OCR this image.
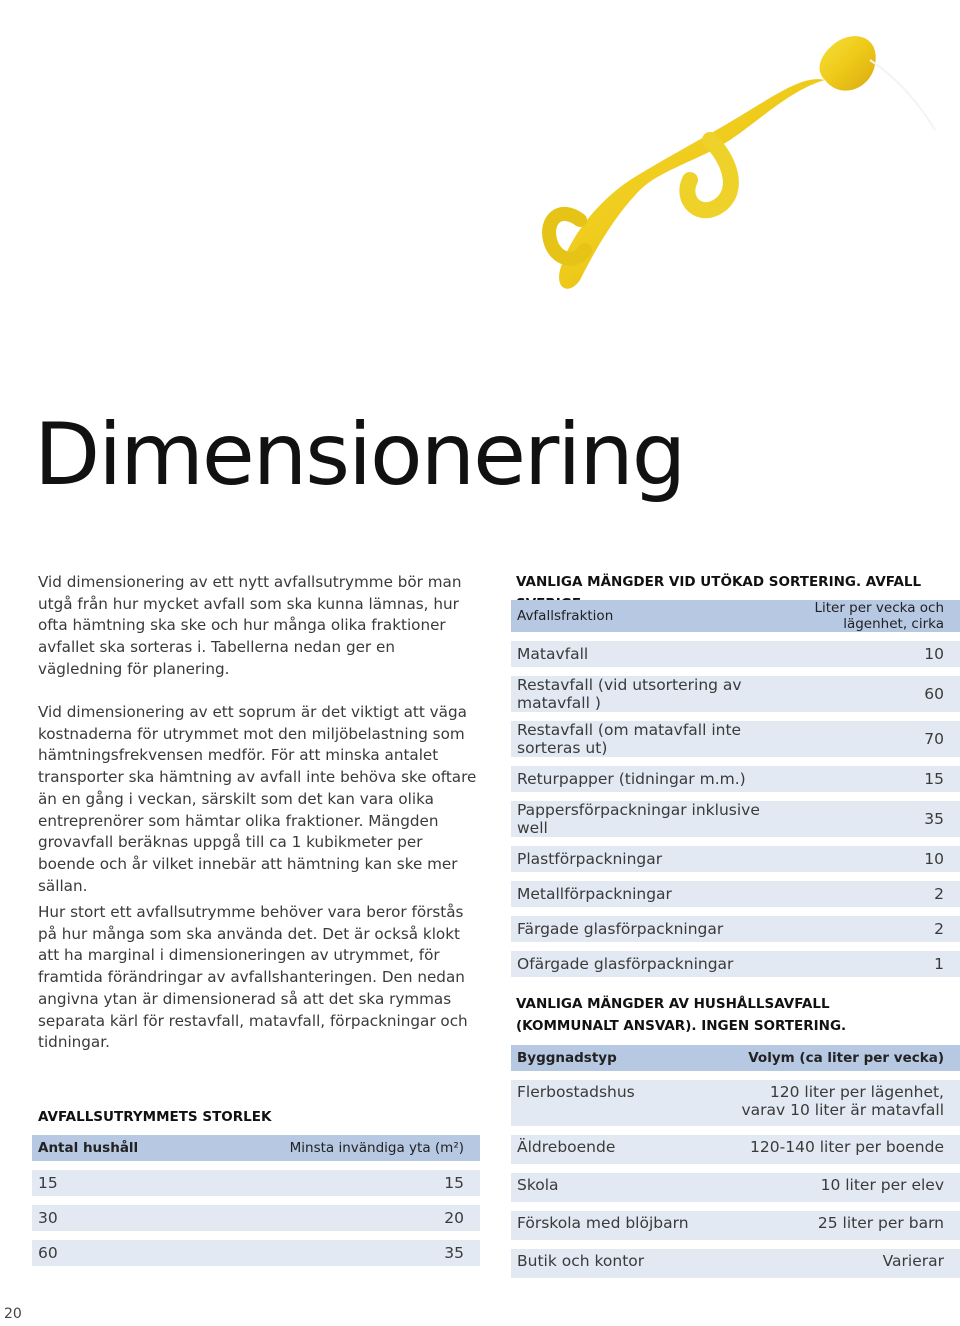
Dimensionering

Vid dimensionering av ett nytt avfallsutrymme bör man utgå från hur mycket avfall som ska kunna lämnas, hur ofta hämtning ska ske och hur många olika fraktioner avfallet ska sorteras i. Tabellerna nedan ger en vägledning för planering.

Vid dimensionering av ett soprum är det viktigt att väga kostnaderna för utrymmet mot den miljöbelastning som hämtningsfrekvensen medför. För att minska antalet transporter ska hämtning av avfall inte behöva ske oftare än en gång i veckan, särskilt som det kan vara olika entreprenörer som hämtar olika fraktioner. Mängden grovavfall beräknas uppgå till ca 1 kubikmeter per boende och år vilket innebär att hämtning kan ske mer sällan.

Hur stort ett avfallsutrymme behöver vara beror förstås på hur många som ska använda det. Det är också klokt att ha marginal i dimensioneringen av utrymmet, för framtida förändringar av avfallshanteringen. Den nedan angivna ytan är dimensionerad så att det ska rymmas separata kärl för restavfall, matavfall, förpackningar och tidningar.

AVFALLSUTRYMMETS STORLEK

Antal hushåll	Minsta invändiga yta (m²)
15	15
30	20
60	35

VANLIGA MÄNGDER VID UTÖKAD SORTERING. AVFALL

Avfallsfraktion	Liter per vecka och lägenhet, cirka
Matavfall	10
Restavfall (vid utsortering av matavfall )	60
Restavfall (om matavfall inte sorteras ut)	70
Returpapper (tidningar m.m.)	15
Pappersförpackningar inklusive well	35
Plastförpackningar	10
Metallförpackningar	2
Färgade glasförpackningar	2
Ofärgade glasförpackningar	1

VANLIGA MÄNGDER AV HUSHÅLLSAVFALL

(KOMMUNALT ANSVAR). INGEN SORTERING.

Byggnadstyp	Volym (ca liter per vecka)
Flerbostadshus	120 liter per lägenhet,
varav 10 liter är matavfall

Äldreboende	120-140 liter per boende
Skola	10 liter per elev
Förskola med blöjbarn	25 liter per barn
Butik och kontor	Varierar
20
